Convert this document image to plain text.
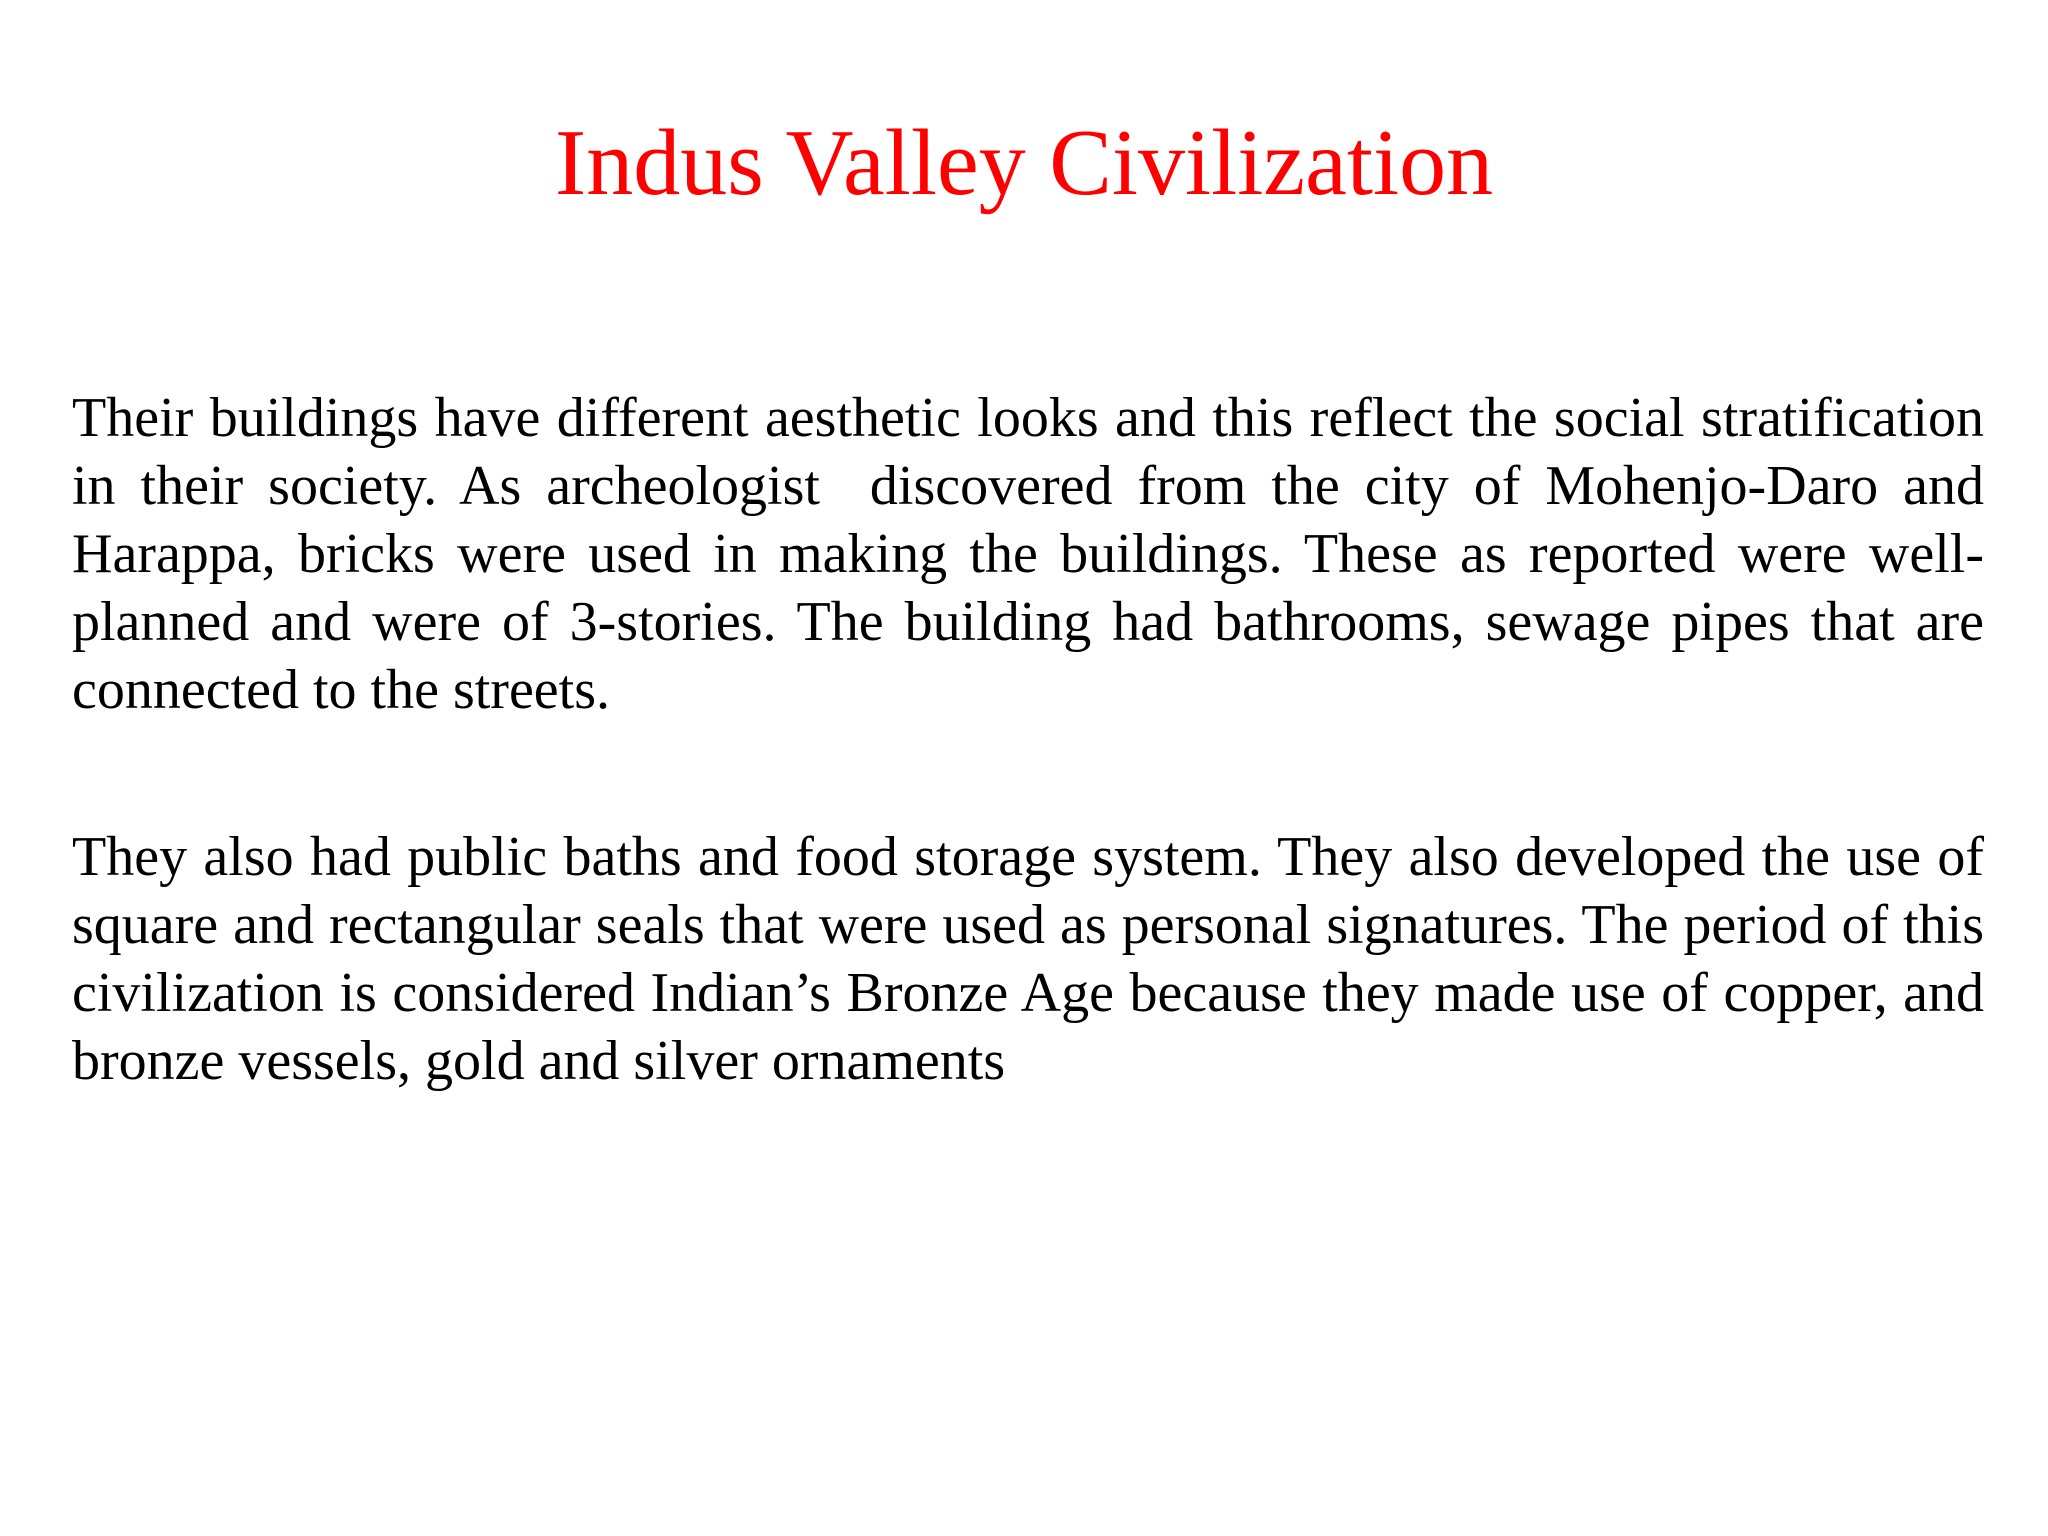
Indus Valley Civilization

Their buildings have different aesthetic looks and this reflect the social stratification in their society. As archeologist  discovered from the city of Mohenjo-Daro and Harappa, bricks were used in making the buildings. These as reported were well-planned and were of 3-stories. The building had bathrooms, sewage pipes that are connected to the streets.

They also had public baths and food storage system. They also developed the use of square and rectangular seals that were used as personal signatures. The period of this civilization is considered Indian’s Bronze Age because they made use of copper, and bronze vessels, gold and silver ornaments
